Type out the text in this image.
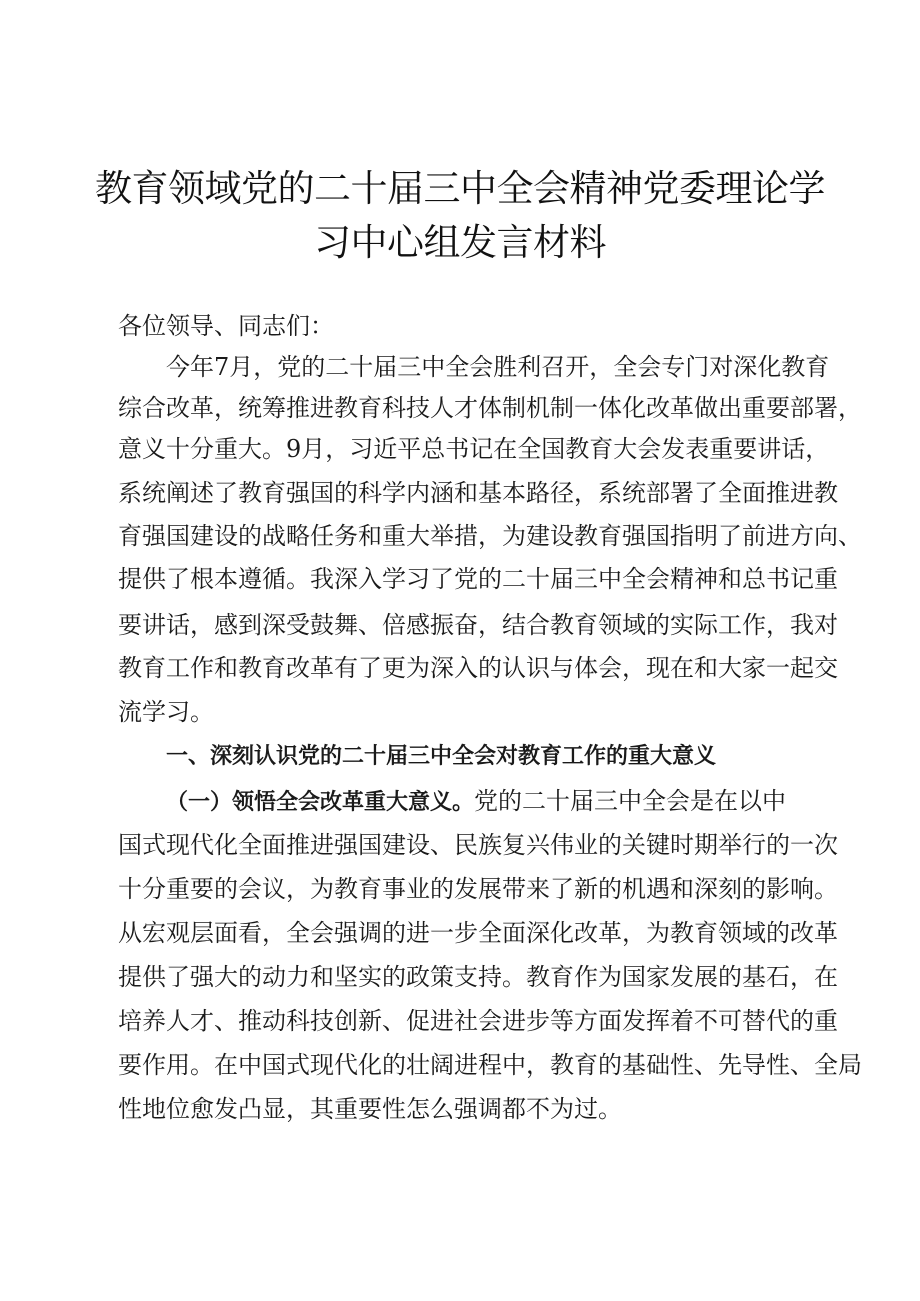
教育领域党的二十届三中全会精神党委理论学
习中心组发言材料
各位领导、同志们：
今年7月，党的二十届三中全会胜利召开，全会专门对深化教育
综合改革，统筹推进教育科技人才体制机制一体化改革做出重要部署，
意义十分重大。9月，习近平总书记在全国教育大会发表重要讲话，
系统阐述了教育强国的科学内涵和基本路径，系统部署了全面推进教
育强国建设的战略任务和重大举措，为建设教育强国指明了前进方向、
提供了根本遵循。我深入学习了党的二十届三中全会精神和总书记重
要讲话，感到深受鼓舞、倍感振奋，结合教育领域的实际工作，我对
教育工作和教育改革有了更为深入的认识与体会，现在和大家一起交
流学习。
一、深刻认识党的二十届三中全会对教育工作的重大意义
（一）领悟全会改革重大意义。党的二十届三中全会是在以中
国式现代化全面推进强国建设、民族复兴伟业的关键时期举行的一次
十分重要的会议，为教育事业的发展带来了新的机遇和深刻的影响。
从宏观层面看，全会强调的进一步全面深化改革，为教育领域的改革
提供了强大的动力和坚实的政策支持。教育作为国家发展的基石，在
培养人才、推动科技创新、促进社会进步等方面发挥着不可替代的重
要作用。在中国式现代化的壮阔进程中，教育的基础性、先导性、全局
性地位愈发凸显，其重要性怎么强调都不为过。
